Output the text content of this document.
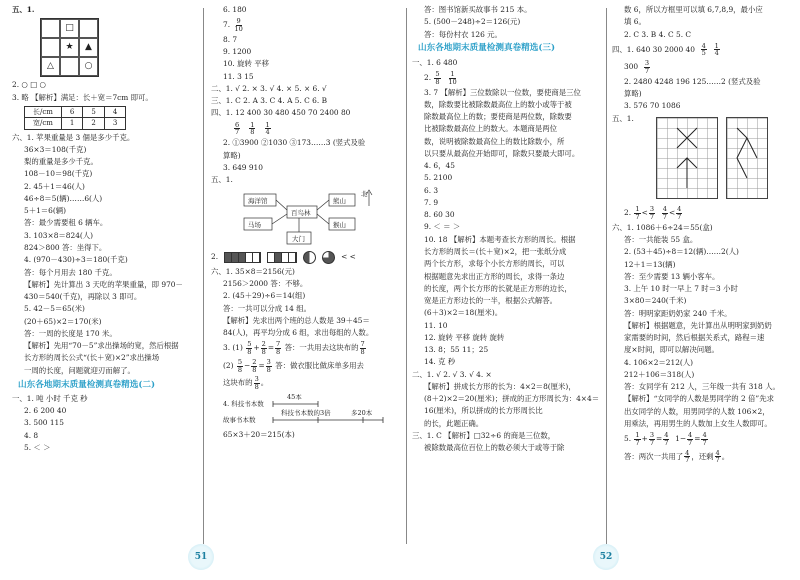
五、1.
□
★	▲
△	○
2. ○ □ ○
3. 略 【解析】满足：长＋宽＝7cm 即可。
长/cm	6	5	4
宽/cm	1	2	3
六、1. 苹果重量是 3 個是多少千克。
36×3＝108(千克)
梨的重量是多少千克。
108－10＝98(千克)
2. 45＋1＝46(人)
46÷8＝5(辆)……6(人)
5＋1＝6(辆)
答：最少需要租 6 辆车。
3. 103×8＝824(人)
824＞800 答：坐得下。
4. (970－430)÷3＝180(千克)
答：每个月用去 180 千克。
【解析】先计算出 3 天吃的苹果重量，即 970－
430＝540(千克)，再除以 3 即可。
5. 42－5＝65(米)
(20＋65)×2＝170(米)
答：一周的长度是 170 米。
【解析】先用“70－5”求出操场的宽，然后根据
长方形的周长公式“(长＋宽)×2”求出操场
一周的长度，问题就迎刃而解了。
山东各地期末质量检测真卷精选(二)
一、1. 吨 小时 千克 秒
2. 6 200 40
3. 500 115
4. 8
5. ＜ ＞
6. 180
7. $\frac{9}{10}$
8. 7
9. 1200
10. 旋转 平移
11. 3 15
二、1. √ 2. × 3. √ 4. × 5. × 6. √
三、1. C 2. A 3. C 4. A 5. C 6. B
四、1. 12 400 30 480 450 70 2400 80
$\frac{6}{7}$
$\frac{1}{8}$
$\frac{1}{4}$
2. ①3900 ②1030 ③173……3 (竖式及验
算略)
3. 649 910
五、1.
海洋馆
百鸟林
熊山
马场	猴山
大门
北
2.	< <
六、1. 35×8＝2156(元)
2156＞2000 答：不够。
2. (45＋29)÷6＝14(组)
答：一共可以分成 14 组。
【解析】先求出两个班的总人数是 39＋45＝
84(人)，再平均分成 6 组，求出每组的人数。
3. $(1) \frac{5}{8} + \frac{2}{8} = \frac{7}{8}$ 答：一共用去这块布的 $\frac{7}{8}$
$(2) \frac{5}{8} - \frac{2}{8} = \frac{3}{8}$ 答：做衣服比做床单多用去
这块布的 $\frac{3}{8}$ 。
4. 科技书本数
45本
故事书本数
科技书本数的3倍	多20本
65×3＋20＝215(本)
答：图书馆新买故事书 215 本。
5. (500－248)÷2＝126(元)
答：每份村衣 126 元。
山东各地期末质量检测真卷精选(三)
一、1. 6 480
2. $\frac{5}{8}$
$\frac{1}{10}$
3. 7 【解析】三位数除以一位数，要使商是三位
数，除数要比被除数最高位上的数小或等于被
除数最高位上的数；要使商是两位数，除数要
比被除数最高位上的数大。本题商是两位
数，说明被除数最高位上的数比除数小，所
以只要从最高位开始即可，除数只要最大即可。
4. 6，45
5. 2100
6. 3
7. 9
8. 60 30
9. ＜ ＝ ＞
10. 18 【解析】本题考查长方形的周长。根据
长方形的周长＝(长＋宽)×2，把一张纸分成
两个长方形，求每个小长方形的周长，可以
根据题意先求出正方形的周长，求得一条边
的长度，两个长方形的长就是正方形的边长，
宽是正方形边长的一半，根据公式解答。
(6＋3)×2＝18(厘米)。
11. 10
12. 旋转 平移 旋转 旋转
13. 8；55 11；25
14. 克 秒
二、1. √ 2. √ 3. √ 4. ×
【解析】拼成长方形的长为：4×2＝8(厘米)，
(8＋2)×2＝20(厘米)；拼成的正方形周长为：4×4＝
16(厘米)，所以拼成的长方形周长比
的长，此题正确。
三、1. C 【解析】□32÷6 的商是三位数，
被除数最高位百位上的数必须大于或等于除
数 6，所以方框里可以填 6,7,8,9，最小应
填 6。
2. C 3. B 4. C 5. C
四、1. 640 30 2000 $40 \frac{4}{5}$
$\frac{1}{4}$
$300 \frac{3}{7}$
2. 2480 4248 196 125……2 (竖式及验
算略)
3. 576 70 1086
五、1.
2. $\frac{1}{7} < \frac{3}{7}$
$\frac{4}{7} < \frac{4}{7}$
六、1. 1086＋6÷24＝55(盒)
答：一共能装 55 盒。
2. (53＋45)÷8＝12(辆)……2(人)
12＋1＝13(辆)
答：至少需要 13 辆小客车。
3. 上午 10 时一早上 7 时＝3 小时
3×80＝240(千米)
答：明明家距奶奶家 240 千米。
【解析】根据题意，先计算出从明明家到奶奶
家需要的时间，然后根据关系式，路程＝速
度×时间，即可以解决问题。
4. 106×2＝212(人)
212＋106＝318(人)
答：女同学有 212 人，三年级一共有 318 人。
【解析】“女同学的人数是男同学的 2 倍”先求
出女同学的人数，用男同学的人数 106×2，
用乘法，再用男生的人数加上女生人数即可。
5. $\frac{1}{7} + \frac{3}{7} = \frac{4}{7} 1- \frac{4}{7} = \frac{4}{7}$
答：两次一共用了 $\frac{4}{7}$ ，还剩 $\frac{4}{7}$ 。
51	52
